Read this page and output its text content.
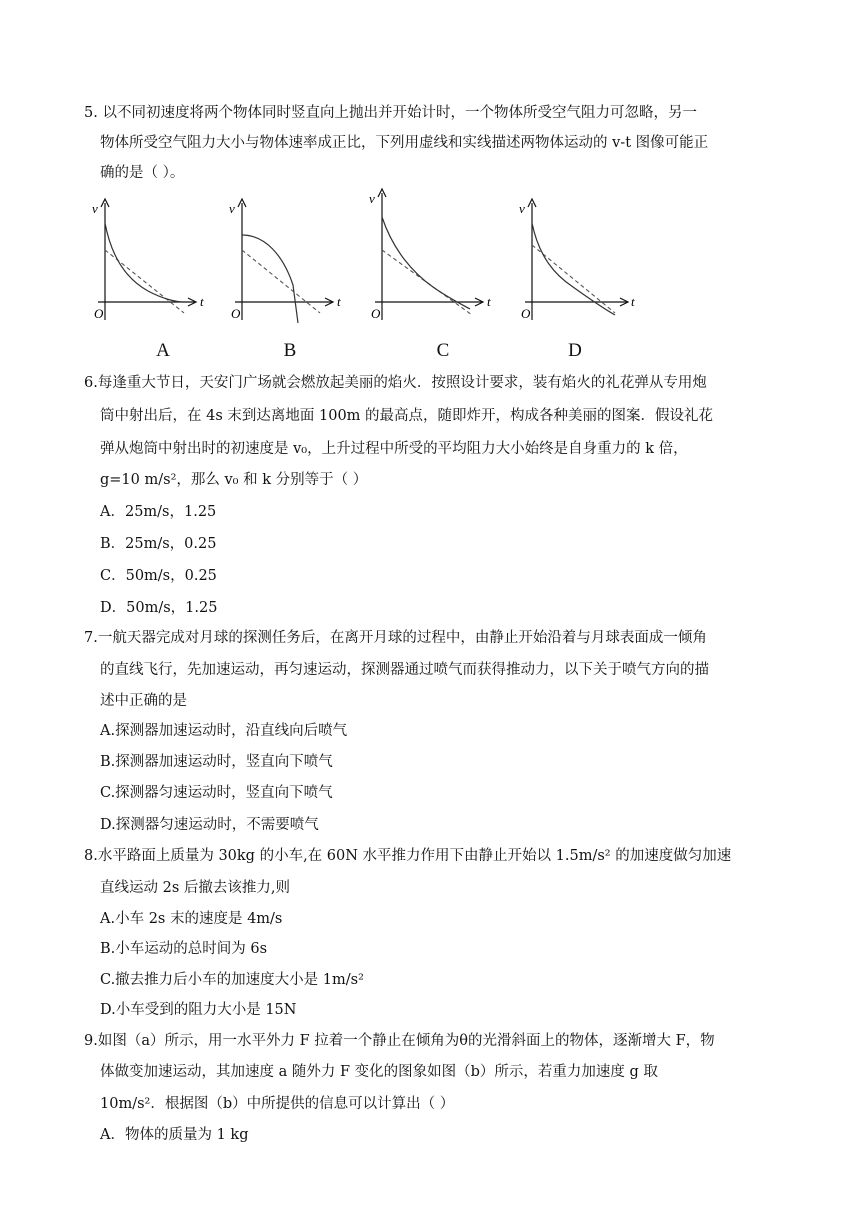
5. 以不同初速度将两个物体同时竖直向上抛出并开始计时，一个物体所受空气阻力可忽略，另一
物体所受空气阻力大小与物体速率成正比，下列用虚线和实线描述两物体运动的 v-t 图像可能正
确的是（ ）。
v
O
t
A
v
O
t
B
v
O
t
C
v
O
t
D
6.每逢重大节日，天安门广场就会燃放起美丽的焰火．按照设计要求，装有焰火的礼花弹从专用炮
筒中射出后，在 4s 末到达离地面 100m 的最高点，随即炸开，构成各种美丽的图案．假设礼花
弹从炮筒中射出时的初速度是 v₀，上升过程中所受的平均阻力大小始终是自身重力的 k 倍，
g=10 m/s²，那么 v₀ 和 k 分别等于（ ）
A．25m/s，1.25
B．25m/s，0.25
C．50m/s，0.25
D．50m/s，1.25
7.一航天器完成对月球的探测任务后，在离开月球的过程中，由静止开始沿着与月球表面成一倾角
的直线飞行，先加速运动，再匀速运动，探测器通过喷气而获得推动力，以下关于喷气方向的描
述中正确的是
A.探测器加速运动时，沿直线向后喷气
B.探测器加速运动时，竖直向下喷气
C.探测器匀速运动时，竖直向下喷气
D.探测器匀速运动时，不需要喷气
8.水平路面上质量为 30kg 的小车,在 60N 水平推力作用下由静止开始以 1.5m/s² 的加速度做匀加速
直线运动 2s 后撤去该推力,则
A.小车 2s 末的速度是 4m/s
B.小车运动的总时间为 6s
C.撤去推力后小车的加速度大小是 1m/s²
D.小车受到的阻力大小是 15N
9.如图（a）所示，用一水平外力 F 拉着一个静止在倾角为θ的光滑斜面上的物体，逐渐增大 F，物
体做变加速运动，其加速度 a 随外力 F 变化的图象如图（b）所示，若重力加速度 g 取
10m/s²．根据图（b）中所提供的信息可以计算出（ ）
A．物体的质量为 1 kg
